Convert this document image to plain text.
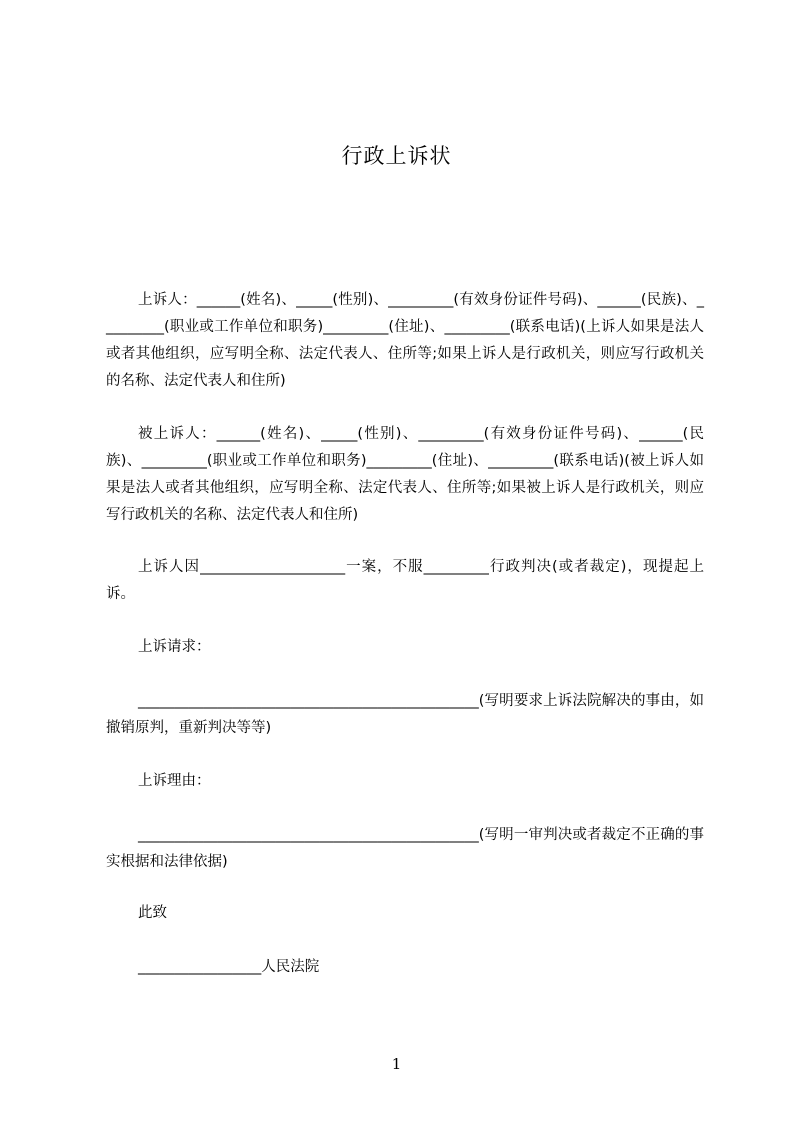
行政上诉状
上诉人：______(姓名)、_____(性别)、_________(有效身份证件号码)、______(民族)、_________(职业或工作单位和职务)_________(住址)、_________(联系电话)(上诉人如果是法人或者其他组织，应写明全称、法定代表人、住所等;如果上诉人是行政机关，则应写行政机关的名称、法定代表人和住所)
被上诉人：______(姓名)、_____(性别)、_________(有效身份证件号码)、______(民族)、_________(职业或工作单位和职务)_________(住址)、_________(联系电话)(被上诉人如果是法人或者其他组织，应写明全称、法定代表人、住所等;如果被上诉人是行政机关，则应写行政机关的名称、法定代表人和住所)
上诉人因____________________一案，不服_________行政判决(或者裁定)，现提起上诉。
上诉请求：
_______________________________________________(写明要求上诉法院解决的事由，如撤销原判，重新判决等等)
上诉理由：
_______________________________________________(写明一审判决或者裁定不正确的事实根据和法律依据)
此致
_________________人民法院
1
